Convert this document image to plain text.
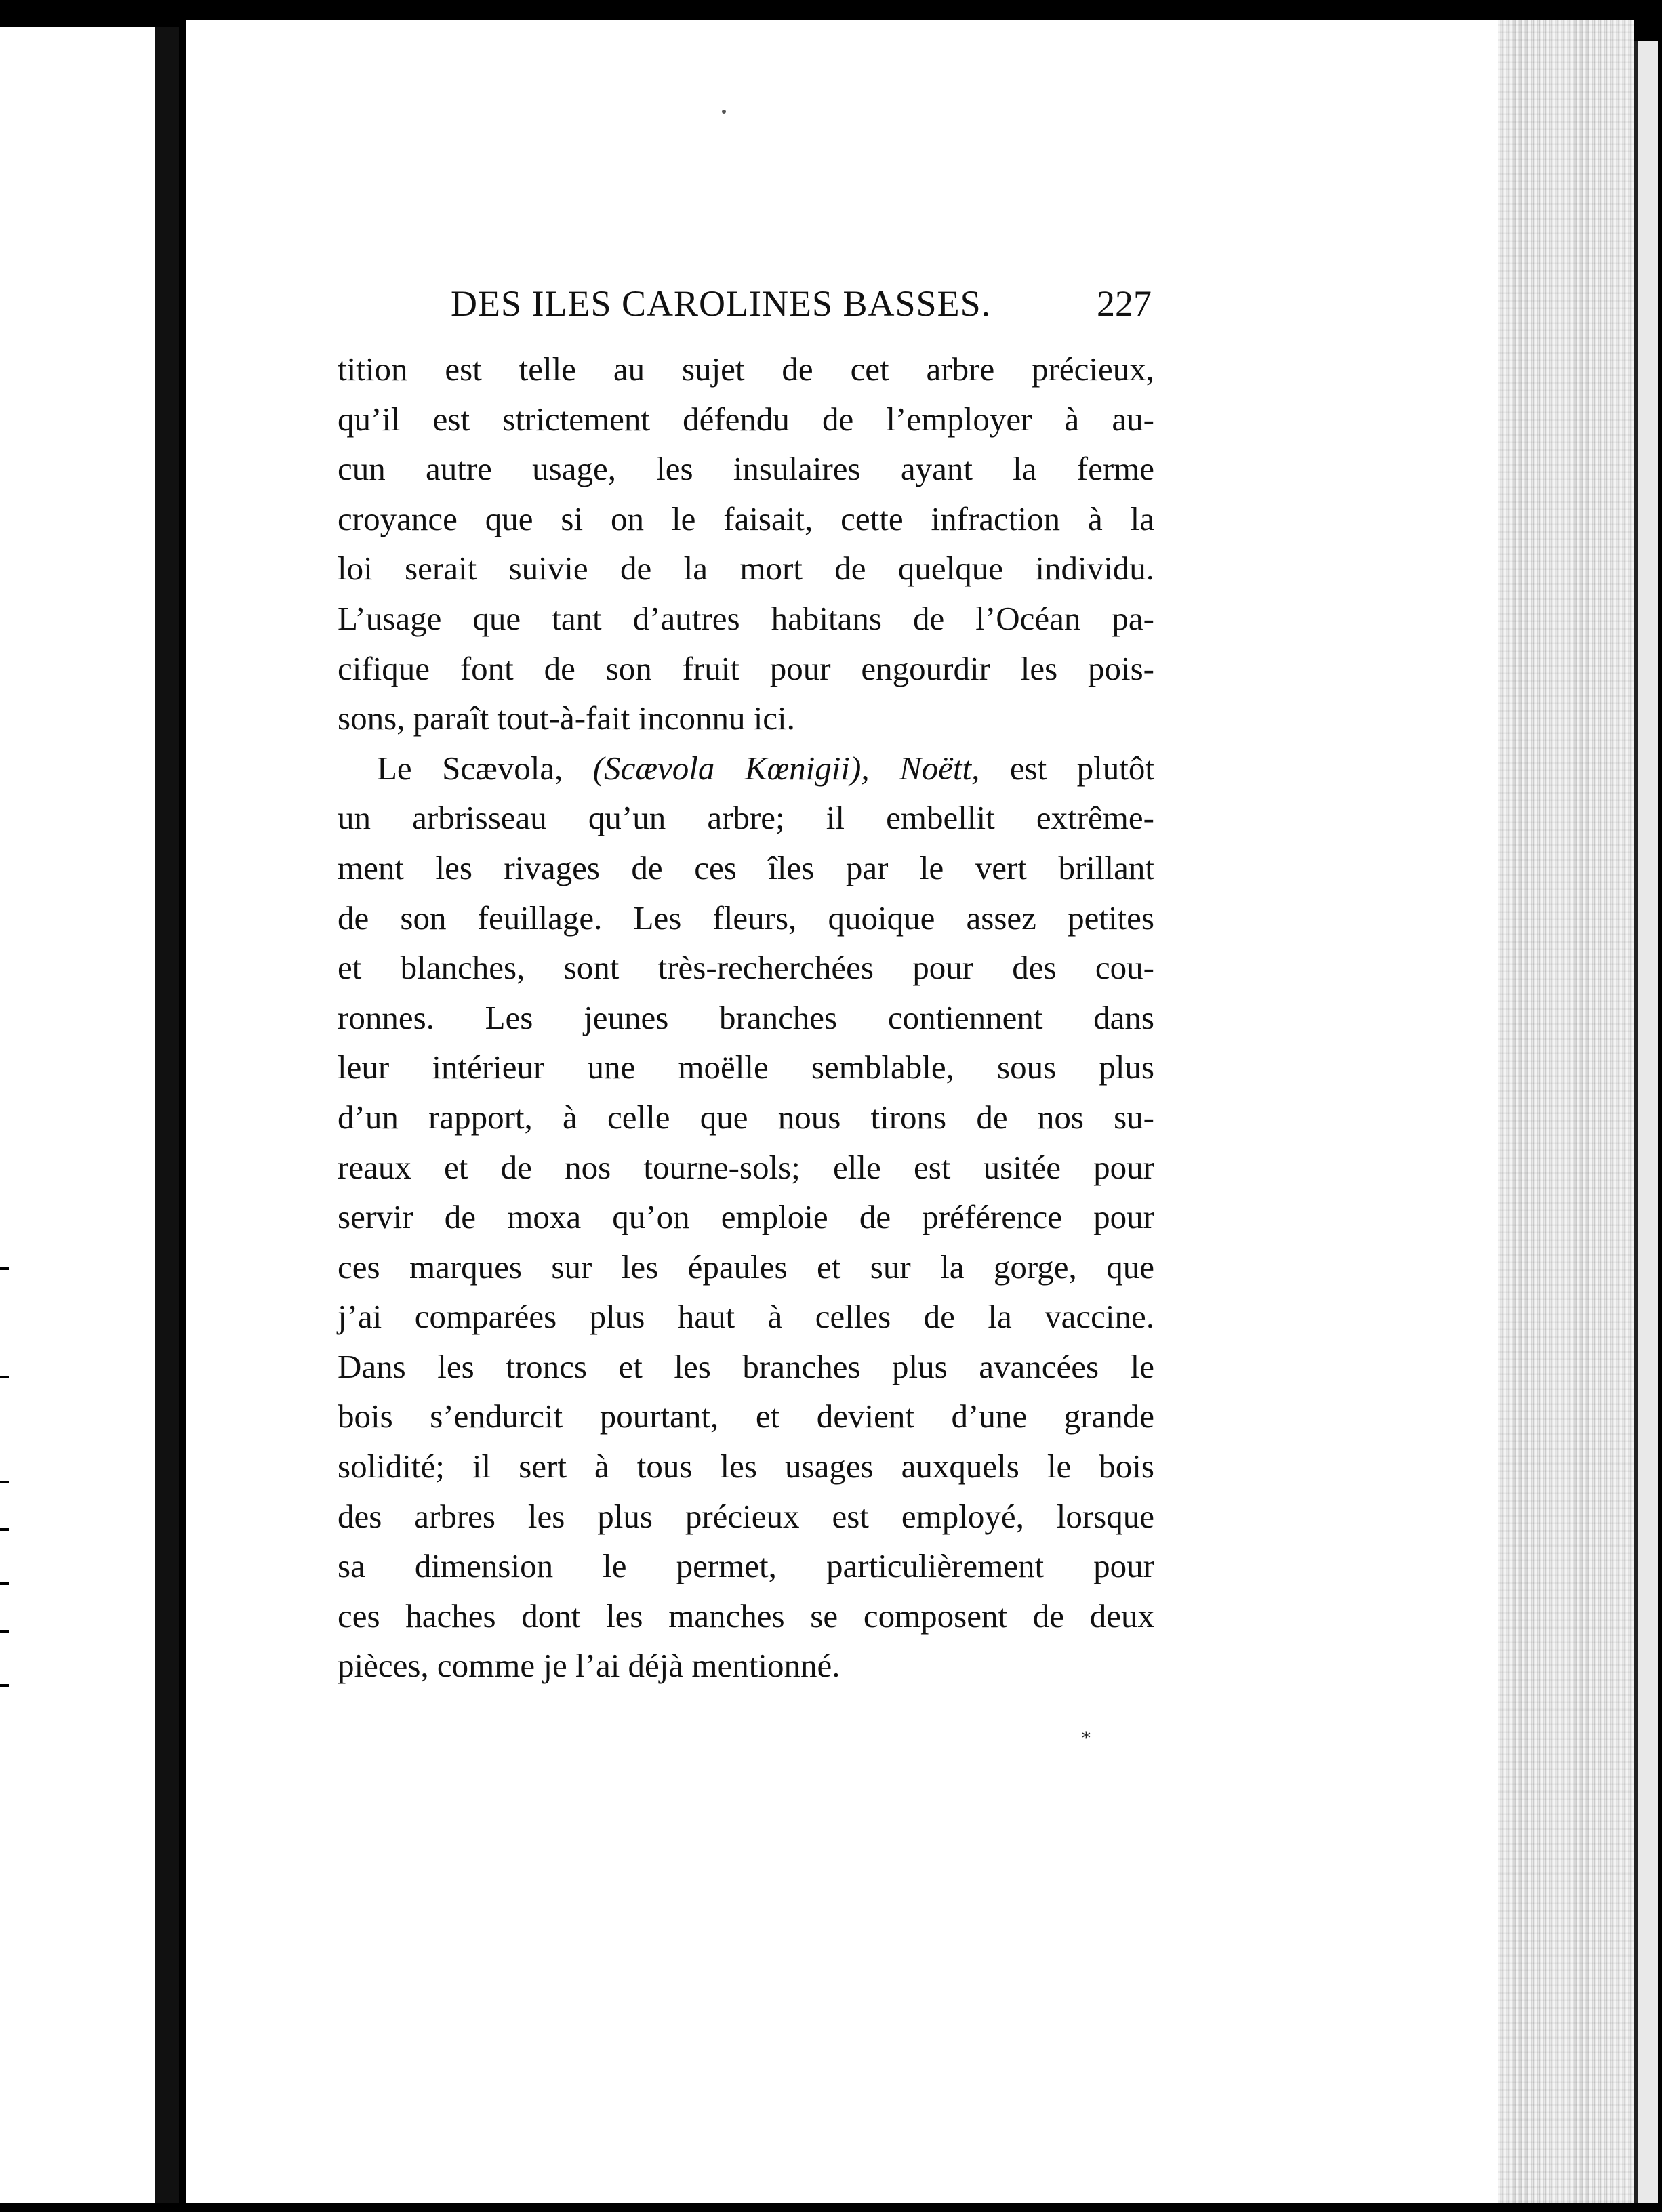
DES ILES CAROLINES BASSES.	227
tition est telle au sujet de cet arbre précieux,
qu’il est strictement défendu de l’employer à au-
cun autre usage, les insulaires ayant la ferme
croyance que si on le faisait, cette infraction à la
loi serait suivie de la mort de quelque individu.
L’usage que tant d’autres habitans de l’Océan pa-
cifique font de son fruit pour engourdir les pois-
sons, paraît tout-à-fait inconnu ici.
Le Scævola, (Scævola Kœnigii), Noëtt, est plutôt
un arbrisseau qu’un arbre; il embellit extrême-
ment les rivages de ces îles par le vert brillant
de son feuillage. Les fleurs, quoique assez petites
et blanches, sont très-recherchées pour des cou-
ronnes. Les jeunes branches contiennent dans
leur intérieur une moëlle semblable, sous plus
d’un rapport, à celle que nous tirons de nos su-
reaux et de nos tourne-sols; elle est usitée pour
servir de moxa qu’on emploie de préférence pour
ces marques sur les épaules et sur la gorge, que
j’ai comparées plus haut à celles de la vaccine.
Dans les troncs et les branches plus avancées le
bois s’endurcit pourtant, et devient d’une grande
solidité; il sert à tous les usages auxquels le bois
des arbres les plus précieux est employé, lorsque
sa dimension le permet, particulièrement pour
ces haches dont les manches se composent de deux
pièces, comme je l’ai déjà mentionné.
*
